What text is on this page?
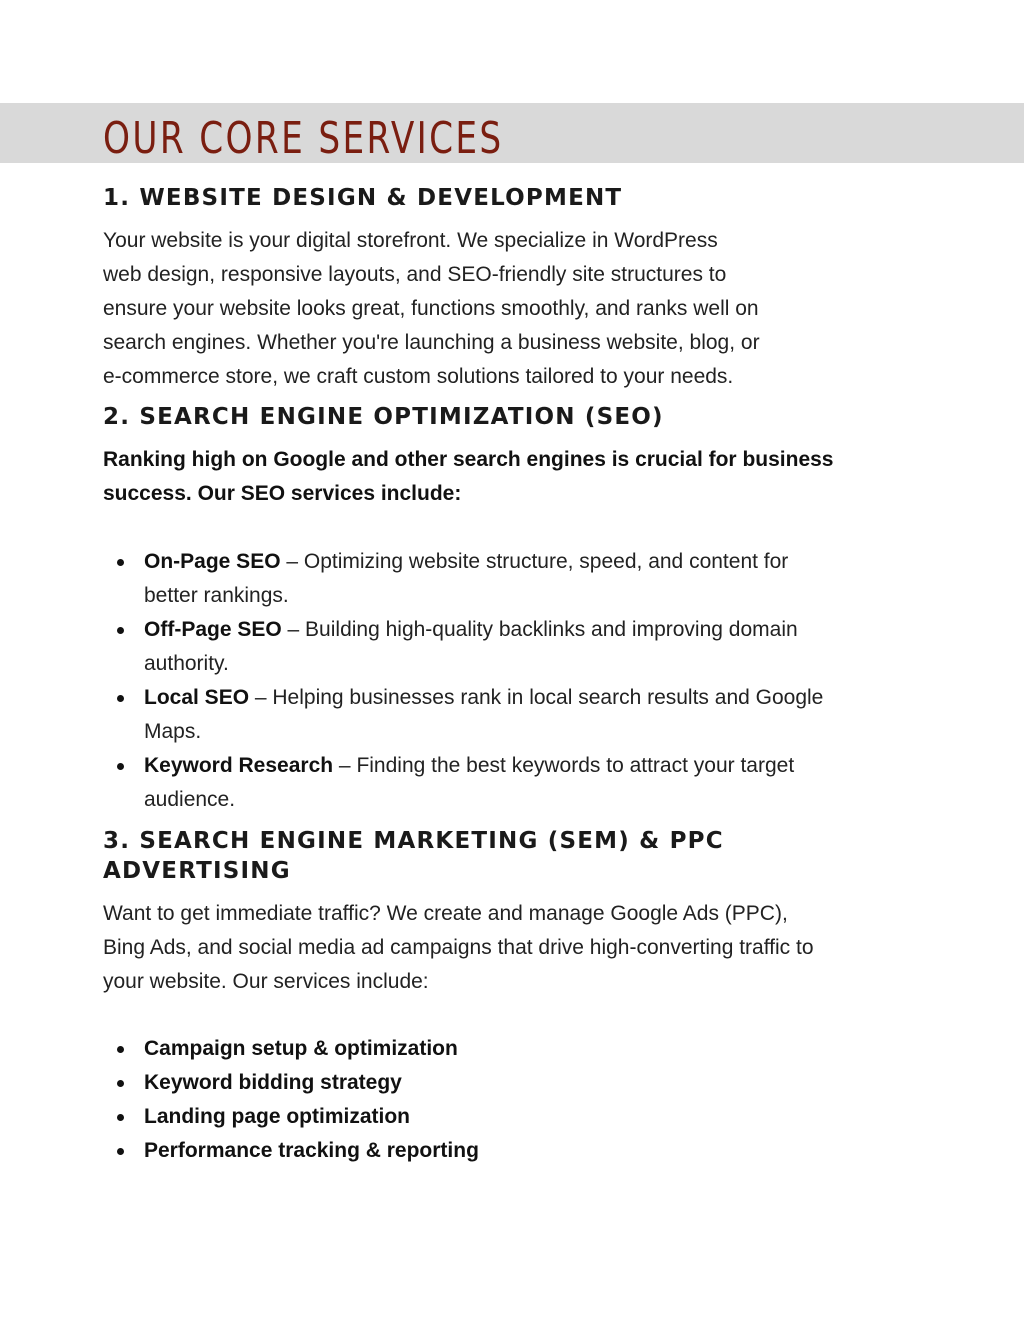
OUR CORE SERVICES
1. WEBSITE DESIGN & DEVELOPMENT
Your website is your digital storefront. We specialize in WordPress
web design, responsive layouts, and SEO-friendly site structures to
ensure your website looks great, functions smoothly, and ranks well on
search engines. Whether you're launching a business website, blog, or
e-commerce store, we craft custom solutions tailored to your needs.
2. SEARCH ENGINE OPTIMIZATION (SEO)
Ranking high on Google and other search engines is crucial for business
success. Our SEO services include:
On-Page SEO – Optimizing website structure, speed, and content for
better rankings.
Off-Page SEO – Building high-quality backlinks and improving domain
authority.
Local SEO – Helping businesses rank in local search results and Google
Maps.
Keyword Research – Finding the best keywords to attract your target
audience.
3. SEARCH ENGINE MARKETING (SEM) & PPC
ADVERTISING
Want to get immediate traffic? We create and manage Google Ads (PPC),
Bing Ads, and social media ad campaigns that drive high-converting traffic to
your website. Our services include:
Campaign setup & optimization
Keyword bidding strategy
Landing page optimization
Performance tracking & reporting
